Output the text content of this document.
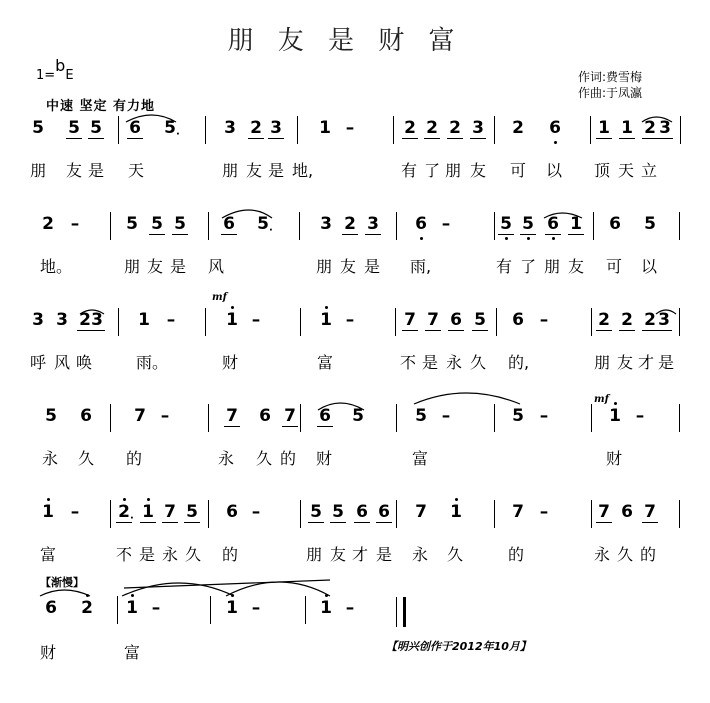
朋 友 是 财 富
1=bE	作词:费雪梅
作曲:于凤瀛
中速 坚定 有力地
mf
mf
【渐慢】
【明兴创作于2012年10月】
5 5 5 6 5 ·	3 2 3 1 –	2 2 2 3 2 6 1 1 2 3
朋 友 是 天	朋 友 是 地,	有 了 朋 友 可 以 顶 天 立
2 –	5 5 5 6 5 ·	3 2 3 6 –	5 5 6 1 6 5
地。	朋 友 是 风	朋 友 是 雨,	有 了 朋 友 可 以
3 3 2 3 1 –	1 –	1 –	7 7 6 5 6 –	2 2 2 3
呼 风 唤	雨。	财	富	不 是 永 久 的,	朋 友 才 是
5 6 7 –	7 6 7 6 5	5 –	5 –	1 –
永 久 的	永 久 的 财	富	财
1 – 2 · 1 7 5 6 –	5 5 6 6 7 1	7 –	7 6 7
富	不 是 永 久 的	朋 友 才 是 永 久	的	永 久 的
6 2 1 –	1 –	1 –
财	富
